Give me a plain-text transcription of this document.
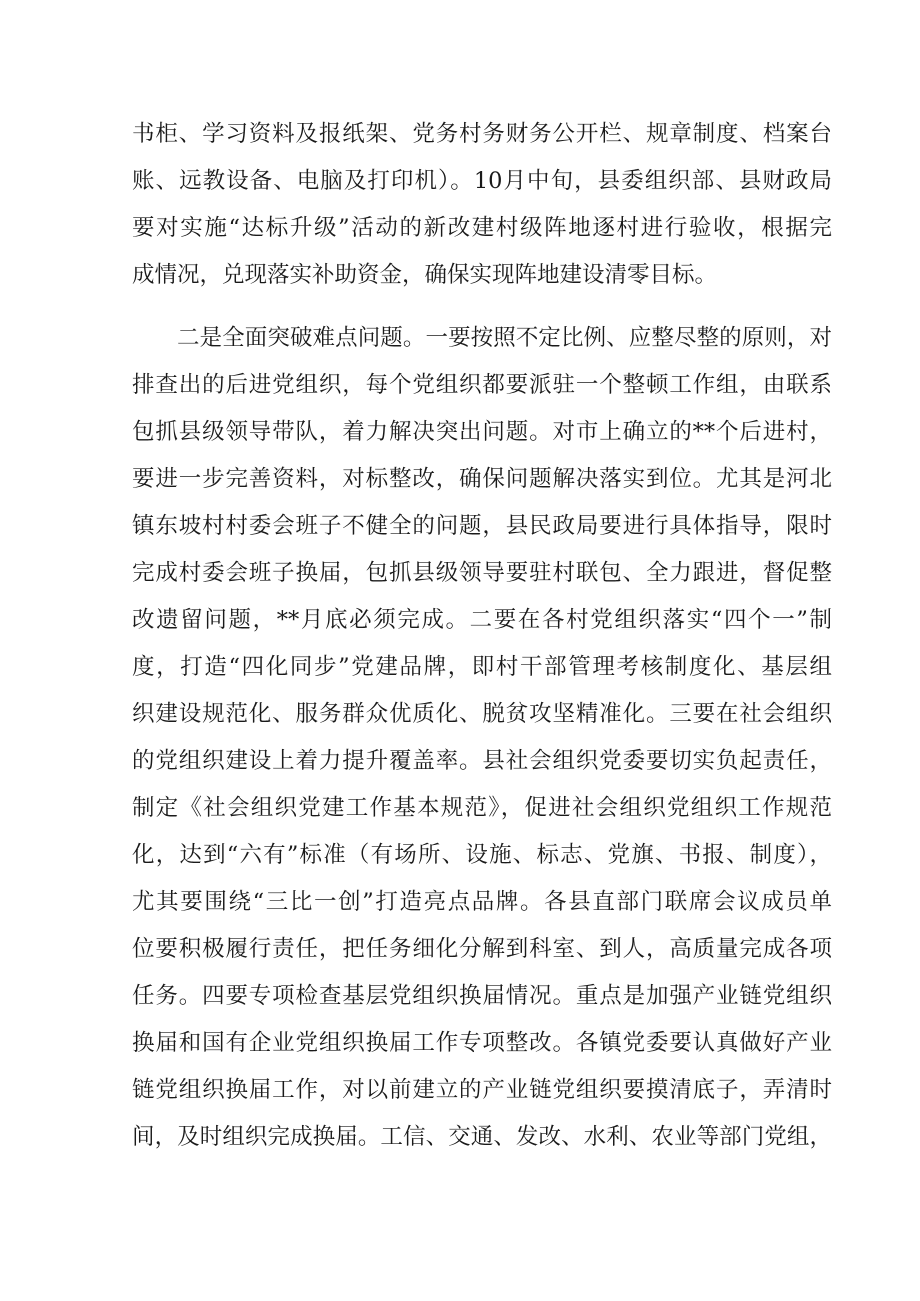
书柜、学习资料及报纸架、党务村务财务公开栏、规章制度、档案台
账、远教设备、电脑及打印机）。10月中旬，县委组织部、县财政局
要对实施“达标升级”活动的新改建村级阵地逐村进行验收，根据完
成情况，兑现落实补助资金，确保实现阵地建设清零目标。
二是全面突破难点问题。一要按照不定比例、应整尽整的原则，对
排查出的后进党组织，每个党组织都要派驻一个整顿工作组，由联系
包抓县级领导带队，着力解决突出问题。对市上确立的**个后进村，
要进一步完善资料，对标整改，确保问题解决落实到位。尤其是河北
镇东坡村村委会班子不健全的问题，县民政局要进行具体指导，限时
完成村委会班子换届，包抓县级领导要驻村联包、全力跟进，督促整
改遗留问题，**月底必须完成。二要在各村党组织落实“四个一”制
度，打造“四化同步”党建品牌，即村干部管理考核制度化、基层组
织建设规范化、服务群众优质化、脱贫攻坚精准化。三要在社会组织
的党组织建设上着力提升覆盖率。县社会组织党委要切实负起责任，
制定《社会组织党建工作基本规范》，促进社会组织党组织工作规范
化，达到“六有”标准（有场所、设施、标志、党旗、书报、制度），
尤其要围绕“三比一创”打造亮点品牌。各县直部门联席会议成员单
位要积极履行责任，把任务细化分解到科室、到人，高质量完成各项
任务。四要专项检查基层党组织换届情况。重点是加强产业链党组织
换届和国有企业党组织换届工作专项整改。各镇党委要认真做好产业
链党组织换届工作，对以前建立的产业链党组织要摸清底子，弄清时
间，及时组织完成换届。工信、交通、发改、水利、农业等部门党组，
